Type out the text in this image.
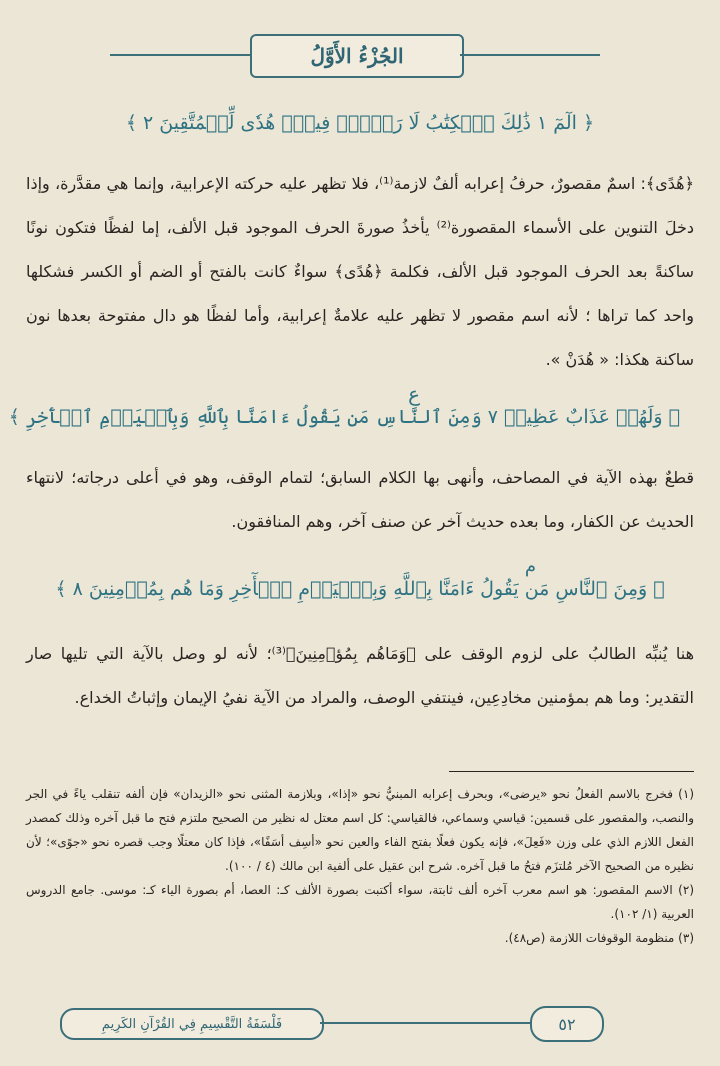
الجُزْءُ الأَوَّلُ
﴿ الٓمٓ ١ ذَٰلِكَ ٱلۡكِتَٰبُ لَا رَيۡبَۛ فِيهِۛ هُدٗى لِّلۡمُتَّقِينَ ٢ ﴾

﴿هُدًى﴾: اسمٌ مقصورٌ، حرفُ إعرابه ألفٌ لازمة⁽¹⁾، فلا تظهر عليه حركته الإعرابية، وإنما هي مقدَّرة، وإذا دخلَ التنوين على الأسماء المقصورة⁽²⁾ يأخذُ صورةَ الحرف الموجود قبل الألف، إما لفظًا فتكون نونًا ساكنةً بعد الحرف الموجود قبل الألف، فكلمة ﴿هُدًى﴾ سواءٌ كانت بالفتح أو الضم أو الكسر فشكلها واحد كما تراها ؛ لأنه اسم مقصور لا تظهر عليه علامةٌ إعرابية، وأما لفظًا هو دال مفتوحة بعدها نون ساكنة هكذا: « هُدَنْ ».

ع
﴿ وَلَهُمۡ عَذَابٌ عَظِيمٞ ٧ وَمِنَ ٱلنَّاسِ مَن يَقُولُ ءَامَنَّا بِٱللَّهِ وَبِٱلۡيَوۡمِ ٱلۡأٓخِرِ ﴾

قطعٌ بهذه الآية في المصاحف، وأنهى بها الكلام السابق؛ لتمام الوقف، وهو في أعلى درجاته؛ لانتهاء الحديث عن الكفار، وما بعده حديث آخر عن صنف آخر، وهم المنافقون.

م
﴿ وَمِنَ ٱلنَّاسِ مَن يَقُولُ ءَامَنَّا بِٱللَّهِ وَبِٱلۡيَوۡمِ ٱلۡأٓخِرِ وَمَا هُم بِمُؤۡمِنِينَ ٨ ﴾

هنا يُنبِّه الطالبُ على لزوم الوقف على ﴿وَمَاهُم بِمُؤۡمِنِينَ﴾⁽³⁾؛ لأنه لو وصل بالآية التي تليها صار التقدير: وما هم بمؤمنين مخادِعِين، فينتفي الوصف، والمراد من الآية نفيُ الإيمان وإثباتُ الخداع.

(١) فخرج بالاسم الفعلُ نحو «يرضى»، وبحرف إعرابه المبنيُّ نحو «إذا»، وبلازمة المثنى نحو «الزيدان» فإن ألفه تنقلب ياءً في الجر والنصب، والمقصور على قسمين: قياسي وسماعي، فالقياسي: كل اسم معتل له نظير من الصحيح ملتزم فتح ما قبل آخره وذلك كمصدر الفعل اللازم الذي على وزن «فَعِلَ»، فإنه يكون فعلًا بفتح الفاء والعين نحو «أسِف أسَفًا»، فإذا كان معتلًا وجب قصره نحو «جوًى»؛ لأن نظيره من الصحيح الآخر مُلتزَم فتحُ ما قبل آخره. شرح ابن عقيل على ألفية ابن مالك (٤ / ١٠٠).

(٢) الاسم المقصور: هو اسم معرب آخره ألف ثابتة، سواء أكتبت بصورة الألف كـ: العصا، أم بصورة الياء كـ: موسى. جامع الدروس العربية (١/ ١٠٢).

(٣) منظومة الوقوفات اللازمة (ص٤٨).

فَلْسَفَةُ التَّقْسِيمِ فِي القُرْآنِ الكَرِيمِ	٥٢
